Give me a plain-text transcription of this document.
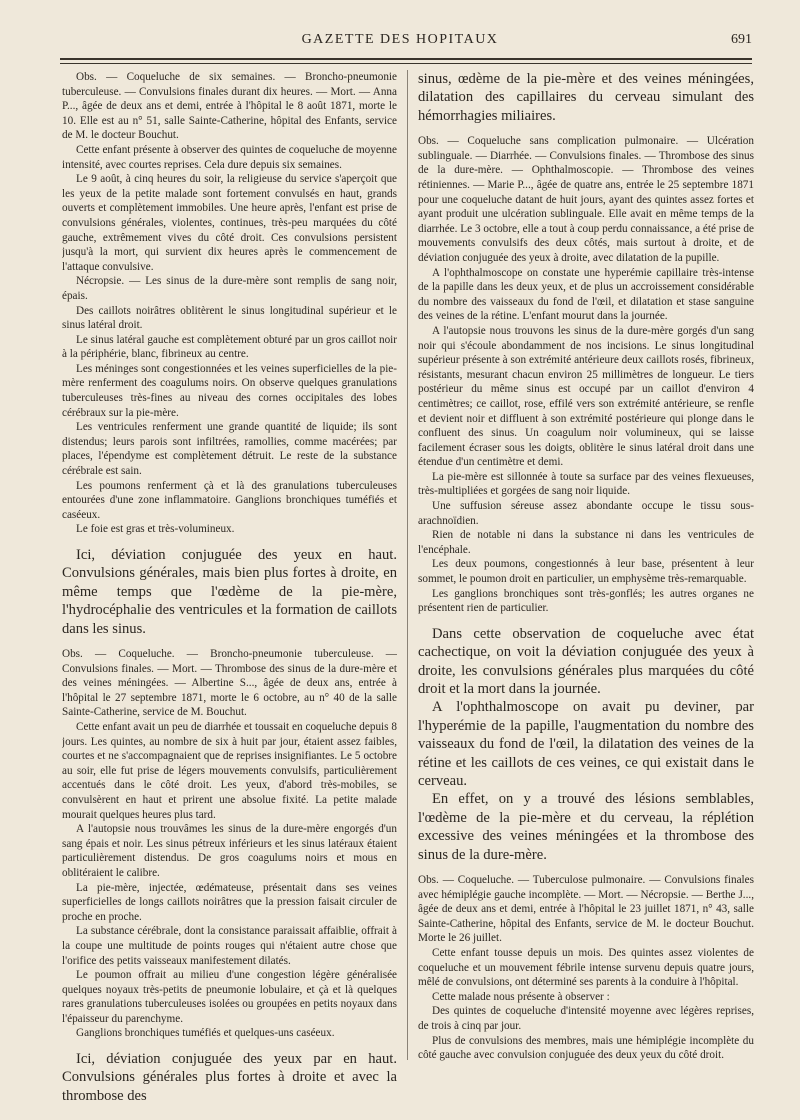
GAZETTE DES HOPITAUX	691

Obs. — Coqueluche de six semaines. — Broncho-pneumonie tuberculeuse. — Convulsions finales durant dix heures. — Mort. — Anna P..., âgée de deux ans et demi, entrée à l'hôpital le 8 août 1871, morte le 10. Elle est au n° 51, salle Sainte-Catherine, hôpital des Enfants, service de M. le docteur Bouchut.

Cette enfant présente à observer des quintes de coqueluche de moyenne intensité, avec courtes reprises. Cela dure depuis six semaines.

Le 9 août, à cinq heures du soir, la religieuse du service s'aperçoit que les yeux de la petite malade sont fortement convulsés en haut, grands ouverts et complètement immobiles. Une heure après, l'enfant est prise de convulsions générales, violentes, continues, très-peu marquées du côté gauche, extrêmement vives du côté droit. Ces convulsions persistent jusqu'à la mort, qui survient dix heures après le commencement de l'attaque convulsive.

Nécropsie. — Les sinus de la dure-mère sont remplis de sang noir, épais.

Des caillots noirâtres oblitèrent le sinus longitudinal supérieur et le sinus latéral droit.

Le sinus latéral gauche est complètement obturé par un gros caillot noir à la périphérie, blanc, fibrineux au centre.

Les méninges sont congestionnées et les veines superficielles de la pie-mère renferment des coagulums noirs. On observe quelques granulations tuberculeuses très-fines au niveau des cornes occipitales des lobes cérébraux sur la pie-mère.

Les ventricules renferment une grande quantité de liquide; ils sont distendus; leurs parois sont infiltrées, ramollies, comme macérées; par places, l'épendyme est complètement détruit. Le reste de la substance cérébrale est sain.

Les poumons renferment çà et là des granulations tuberculeuses entourées d'une zone inflammatoire. Ganglions bronchiques tuméfiés et caséeux.

Le foie est gras et très-volumineux.

Ici, déviation conjuguée des yeux en haut. Convulsions générales, mais bien plus fortes à droite, en même temps que l'œdème de la pie-mère, l'hydrocéphalie des ventricules et la formation de caillots dans les sinus.

Obs. — Coqueluche. — Broncho-pneumonie tuberculeuse. — Convulsions finales. — Mort. — Thrombose des sinus de la dure-mère et des veines méningées. — Albertine S..., âgée de deux ans, entrée à l'hôpital le 27 septembre 1871, morte le 6 octobre, au n° 40 de la salle Sainte-Catherine, service de M. Bouchut.

Cette enfant avait un peu de diarrhée et toussait en coqueluche depuis 8 jours. Les quintes, au nombre de six à huit par jour, étaient assez faibles, courtes et ne s'accompagnaient que de reprises insignifiantes. Le 5 octobre au soir, elle fut prise de légers mouvements convulsifs, particulièrement accentués dans le côté droit. Les yeux, d'abord très-mobiles, se convulsèrent en haut et prirent une absolue fixité. La petite malade mourait quelques heures plus tard.

A l'autopsie nous trouvâmes les sinus de la dure-mère engorgés d'un sang épais et noir. Les sinus pétreux inférieurs et les sinus latéraux étaient particulièrement distendus. De gros coagulums noirs et mous en oblitéraient le calibre.

La pie-mère, injectée, œdémateuse, présentait dans ses veines superficielles de longs caillots noirâtres que la pression faisait circuler de proche en proche.

La substance cérébrale, dont la consistance paraissait affaiblie, offrait à la coupe une multitude de points rouges qui n'étaient autre chose que l'orifice des petits vaisseaux manifestement dilatés.

Le poumon offrait au milieu d'une congestion légère généralisée quelques noyaux très-petits de pneumonie lobulaire, et çà et là quelques rares granulations tuberculeuses isolées ou groupées en petits noyaux dans l'épaisseur du parenchyme.

Ganglions bronchiques tuméfiés et quelques-uns caséeux.

Ici, déviation conjuguée des yeux par en haut. Convulsions générales plus fortes à droite et avec la thrombose des

sinus, œdème de la pie-mère et des veines méningées, dilatation des capillaires du cerveau simulant des hémorrhagies miliaires.

Obs. — Coqueluche sans complication pulmonaire. — Ulcération sublinguale. — Diarrhée. — Convulsions finales. — Thrombose des sinus de la dure-mère. — Ophthalmoscopie. — Thrombose des veines rétiniennes. — Marie P..., âgée de quatre ans, entrée le 25 septembre 1871 pour une coqueluche datant de huit jours, ayant des quintes assez fortes et ayant produit une ulcération sublinguale. Elle avait en même temps de la diarrhée. Le 3 octobre, elle a tout à coup perdu connaissance, a été prise de mouvements convulsifs des deux côtés, mais surtout à droite, et de déviation conjuguée des yeux à droite, avec dilatation de la pupille.

A l'ophthalmoscope on constate une hyperémie capillaire très-intense de la papille dans les deux yeux, et de plus un accroissement considérable du nombre des vaisseaux du fond de l'œil, et dilatation et stase sanguine des veines de la rétine. L'enfant mourut dans la journée.

A l'autopsie nous trouvons les sinus de la dure-mère gorgés d'un sang noir qui s'écoule abondamment de nos incisions. Le sinus longitudinal supérieur présente à son extrémité antérieure deux caillots rosés, fibrineux, résistants, mesurant chacun environ 25 millimètres de longueur. Le tiers postérieur du même sinus est occupé par un caillot d'environ 4 centimètres; ce caillot, rose, effilé vers son extrémité antérieure, se renfle et devient noir et diffluent à son extrémité postérieure qui plonge dans le confluent des sinus. Un coagulum noir volumineux, qui se laisse facilement écraser sous les doigts, oblitère le sinus latéral droit dans une étendue d'un centimètre et demi.

La pie-mère est sillonnée à toute sa surface par des veines flexueuses, très-multipliées et gorgées de sang noir liquide.

Une suffusion séreuse assez abondante occupe le tissu sous-arachnoïdien.

Rien de notable ni dans la substance ni dans les ventricules de l'encéphale.

Les deux poumons, congestionnés à leur base, présentent à leur sommet, le poumon droit en particulier, un emphysème très-remarquable.

Les ganglions bronchiques sont très-gonflés; les autres organes ne présentent rien de particulier.

Dans cette observation de coqueluche avec état cachectique, on voit la déviation conjuguée des yeux à droite, les convulsions générales plus marquées du côté droit et la mort dans la journée.

A l'ophthalmoscope on avait pu deviner, par l'hyperémie de la papille, l'augmentation du nombre des vaisseaux du fond de l'œil, la dilatation des veines de la rétine et les caillots de ces veines, ce qui existait dans le cerveau.

En effet, on y a trouvé des lésions semblables, l'œdème de la pie-mère et du cerveau, la réplétion excessive des veines méningées et la thrombose des sinus de la dure-mère.

Obs. — Coqueluche. — Tuberculose pulmonaire. — Convulsions finales avec hémiplégie gauche incomplète. — Mort. — Nécropsie. — Berthe J..., âgée de deux ans et demi, entrée à l'hôpital le 23 juillet 1871, n° 43, salle Sainte-Catherine, hôpital des Enfants, service de M. le docteur Bouchut. Morte le 26 juillet.

Cette enfant tousse depuis un mois. Des quintes assez violentes de coqueluche et un mouvement fébrile intense survenu depuis quatre jours, mêlé de convulsions, ont déterminé ses parents à la conduire à l'hôpital.

Cette malade nous présente à observer :

Des quintes de coqueluche d'intensité moyenne avec légères reprises, de trois à cinq par jour.

Plus de convulsions des membres, mais une hémiplégie incomplète du côté gauche avec convulsion conjuguée des deux yeux du côté droit.
